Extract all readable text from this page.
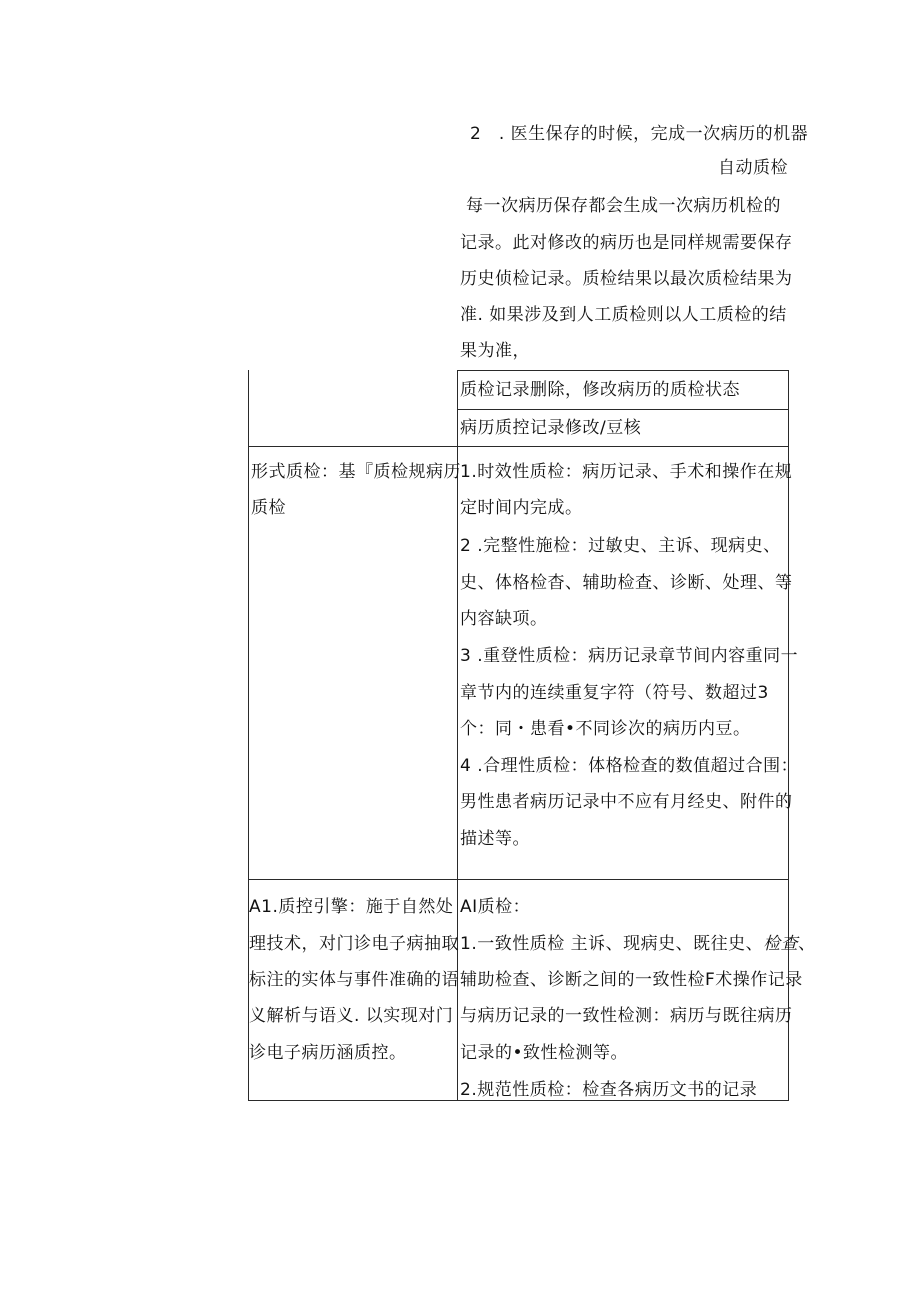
2　. 医生保存的时候，完成一次病历的机器
自动质检
每一次病历保存都会生成一次病历机检的
记录。此对修改的病历也是同样规需要保存
历史侦检记录。质检结果以最次质检结果为
准. 如果涉及到人工质检则以人工质检的结
果为准，
质检记录删除，修改病历的质检状态
病历质控记录修改/豆核
形式质检：基『质检规病历
质检
1.时效性质检：病历记录、手术和操作在规
定时间内完成。
2 .完整性施检：过敏史、主诉、现病史、
史、体格检杳、辅助检查、诊断、处理、等
内容缺项。
3 .重登性质检：病历记录章节间内容重同一
章节内的连续重复字符（符号、数超过3
个：同・患看•不同诊次的病历内豆。
4 .合理性质检：体格检查的数值超过合围：
男性患者病历记录中不应有月经史、附件的
描述等。
A1.质控引擎：施于自然处
理技术，对门诊电子病抽取
标注的实体与事件准确的语
义解析与语义. 以实现对门
诊电子病历涵质控。
AI质检：
1.一致性质检 主诉、现病史、既往史、检查、
辅助检查、诊断之间的一致性检F术操作记录
与病历记录的一致性检测：病历与既往病历
记录的•致性检测等。
2.规范性质检：检查各病历文书的记录
